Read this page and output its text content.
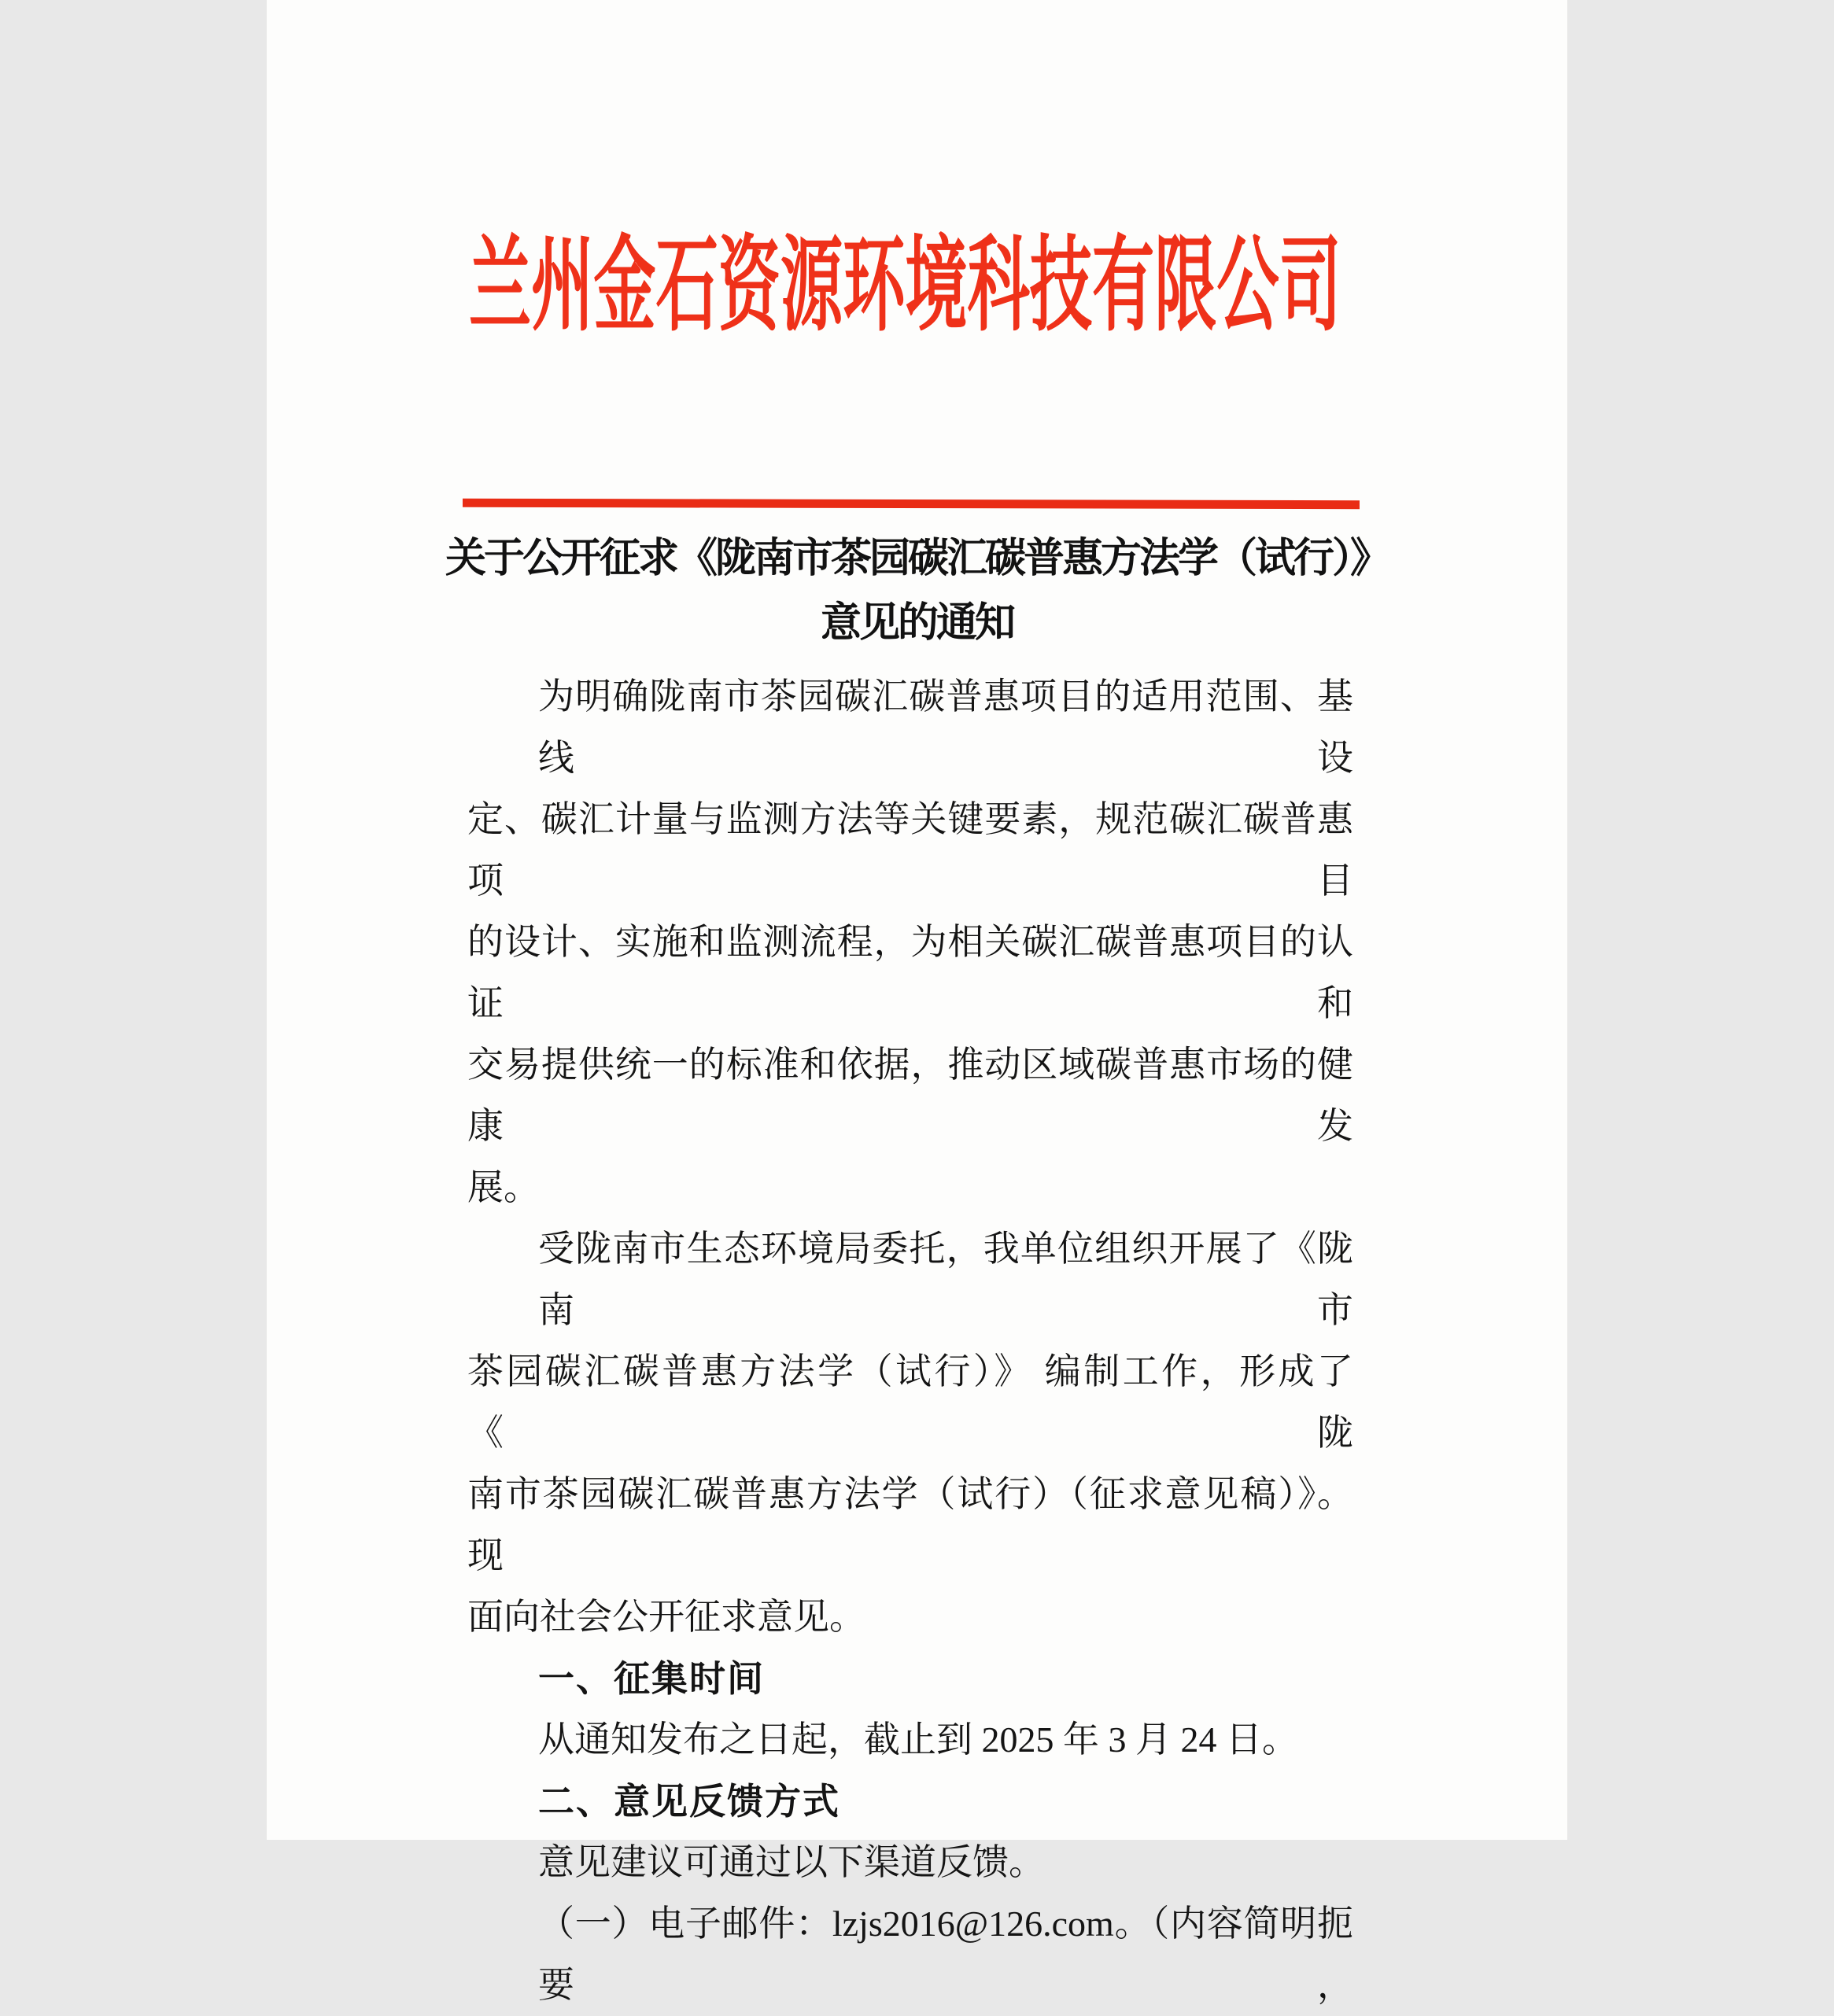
兰州金石资源环境科技有限公司
关于公开征求《陇南市茶园碳汇碳普惠方法学（试行）》
意见的通知
为明确陇南市茶园碳汇碳普惠项目的适用范围、基线设
定、碳汇计量与监测方法等关键要素，规范碳汇碳普惠项目
的设计、实施和监测流程，为相关碳汇碳普惠项目的认证和
交易提供统一的标准和依据，推动区域碳普惠市场的健康发
展。
受陇南市生态环境局委托，我单位组织开展了《陇南市
茶园碳汇碳普惠方法学（试行）》 编制工作，形成了《陇
南市茶园碳汇碳普惠方法学（试行）（征求意见稿）》。现
面向社会公开征求意见。
一、征集时间
从通知发布之日起，截止到 2025 年 3 月 24 日。
二、意见反馈方式
意见建议可通过以下渠道反馈。
（一）电子邮件：lzjs2016@126.com。（内容简明扼要，
